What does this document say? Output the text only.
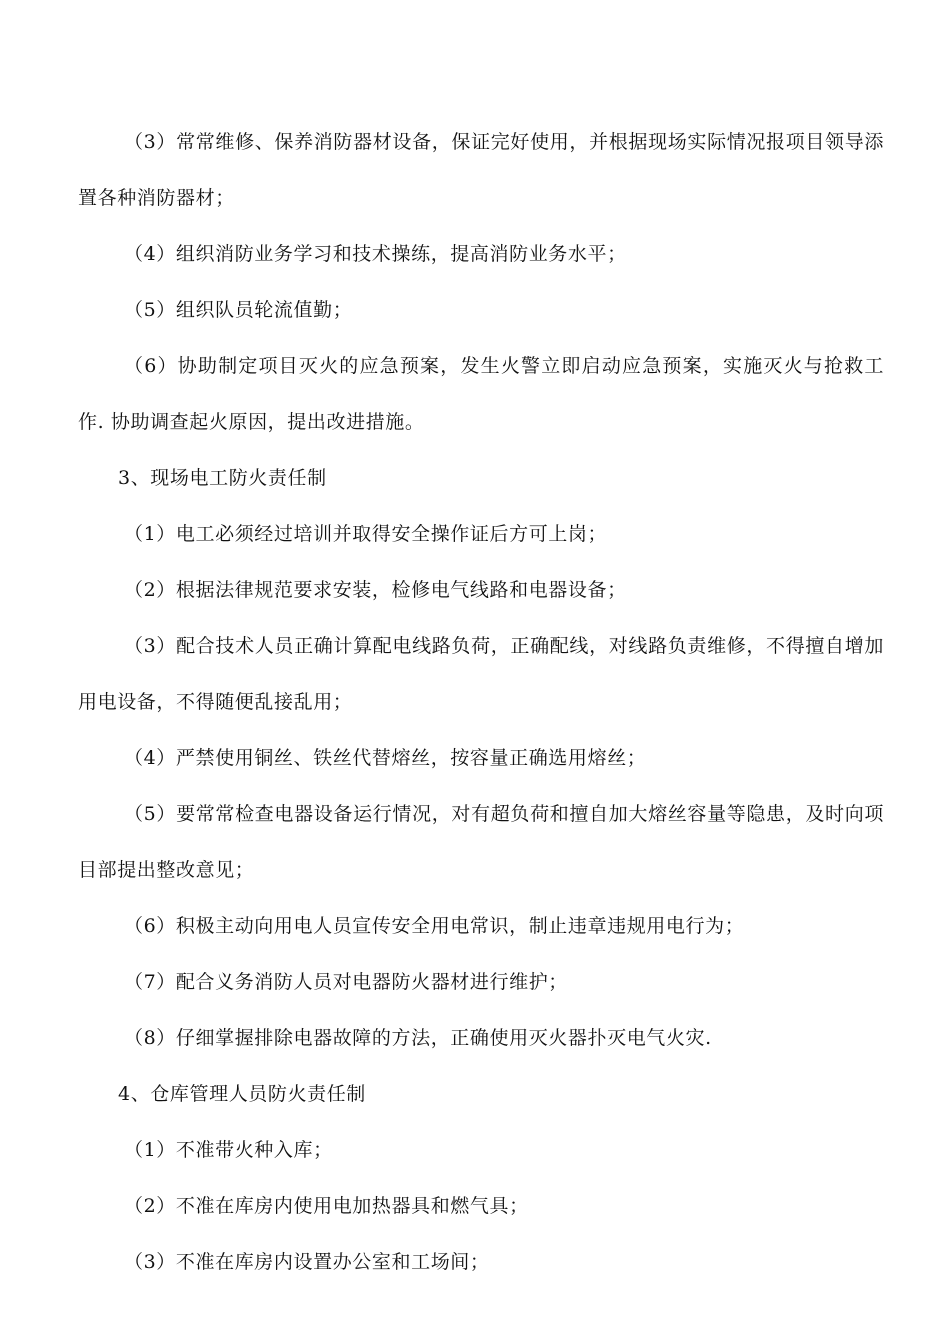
（3）常常维修、保养消防器材设备，保证完好使用，并根据现场实际情况报项目领导添置各种消防器材；

（4）组织消防业务学习和技术操练，提高消防业务水平；

（5）组织队员轮流值勤；

（6）协助制定项目灭火的应急预案，发生火警立即启动应急预案，实施灭火与抢救工作. 协助调查起火原因，提出改进措施。

3、现场电工防火责任制

（1）电工必须经过培训并取得安全操作证后方可上岗；

（2）根据法律规范要求安装，检修电气线路和电器设备；

（3）配合技术人员正确计算配电线路负荷，正确配线，对线路负责维修，不得擅自增加用电设备，不得随便乱接乱用；

（4）严禁使用铜丝、铁丝代替熔丝，按容量正确选用熔丝；

（5）要常常检查电器设备运行情况，对有超负荷和擅自加大熔丝容量等隐患，及时向项目部提出整改意见；

（6）积极主动向用电人员宣传安全用电常识，制止违章违规用电行为；

（7）配合义务消防人员对电器防火器材进行维护；

（8）仔细掌握排除电器故障的方法，正确使用灭火器扑灭电气火灾.

4、仓库管理人员防火责任制

（1）不准带火种入库；

（2）不准在库房内使用电加热器具和燃气具；

（3）不准在库房内设置办公室和工场间；
